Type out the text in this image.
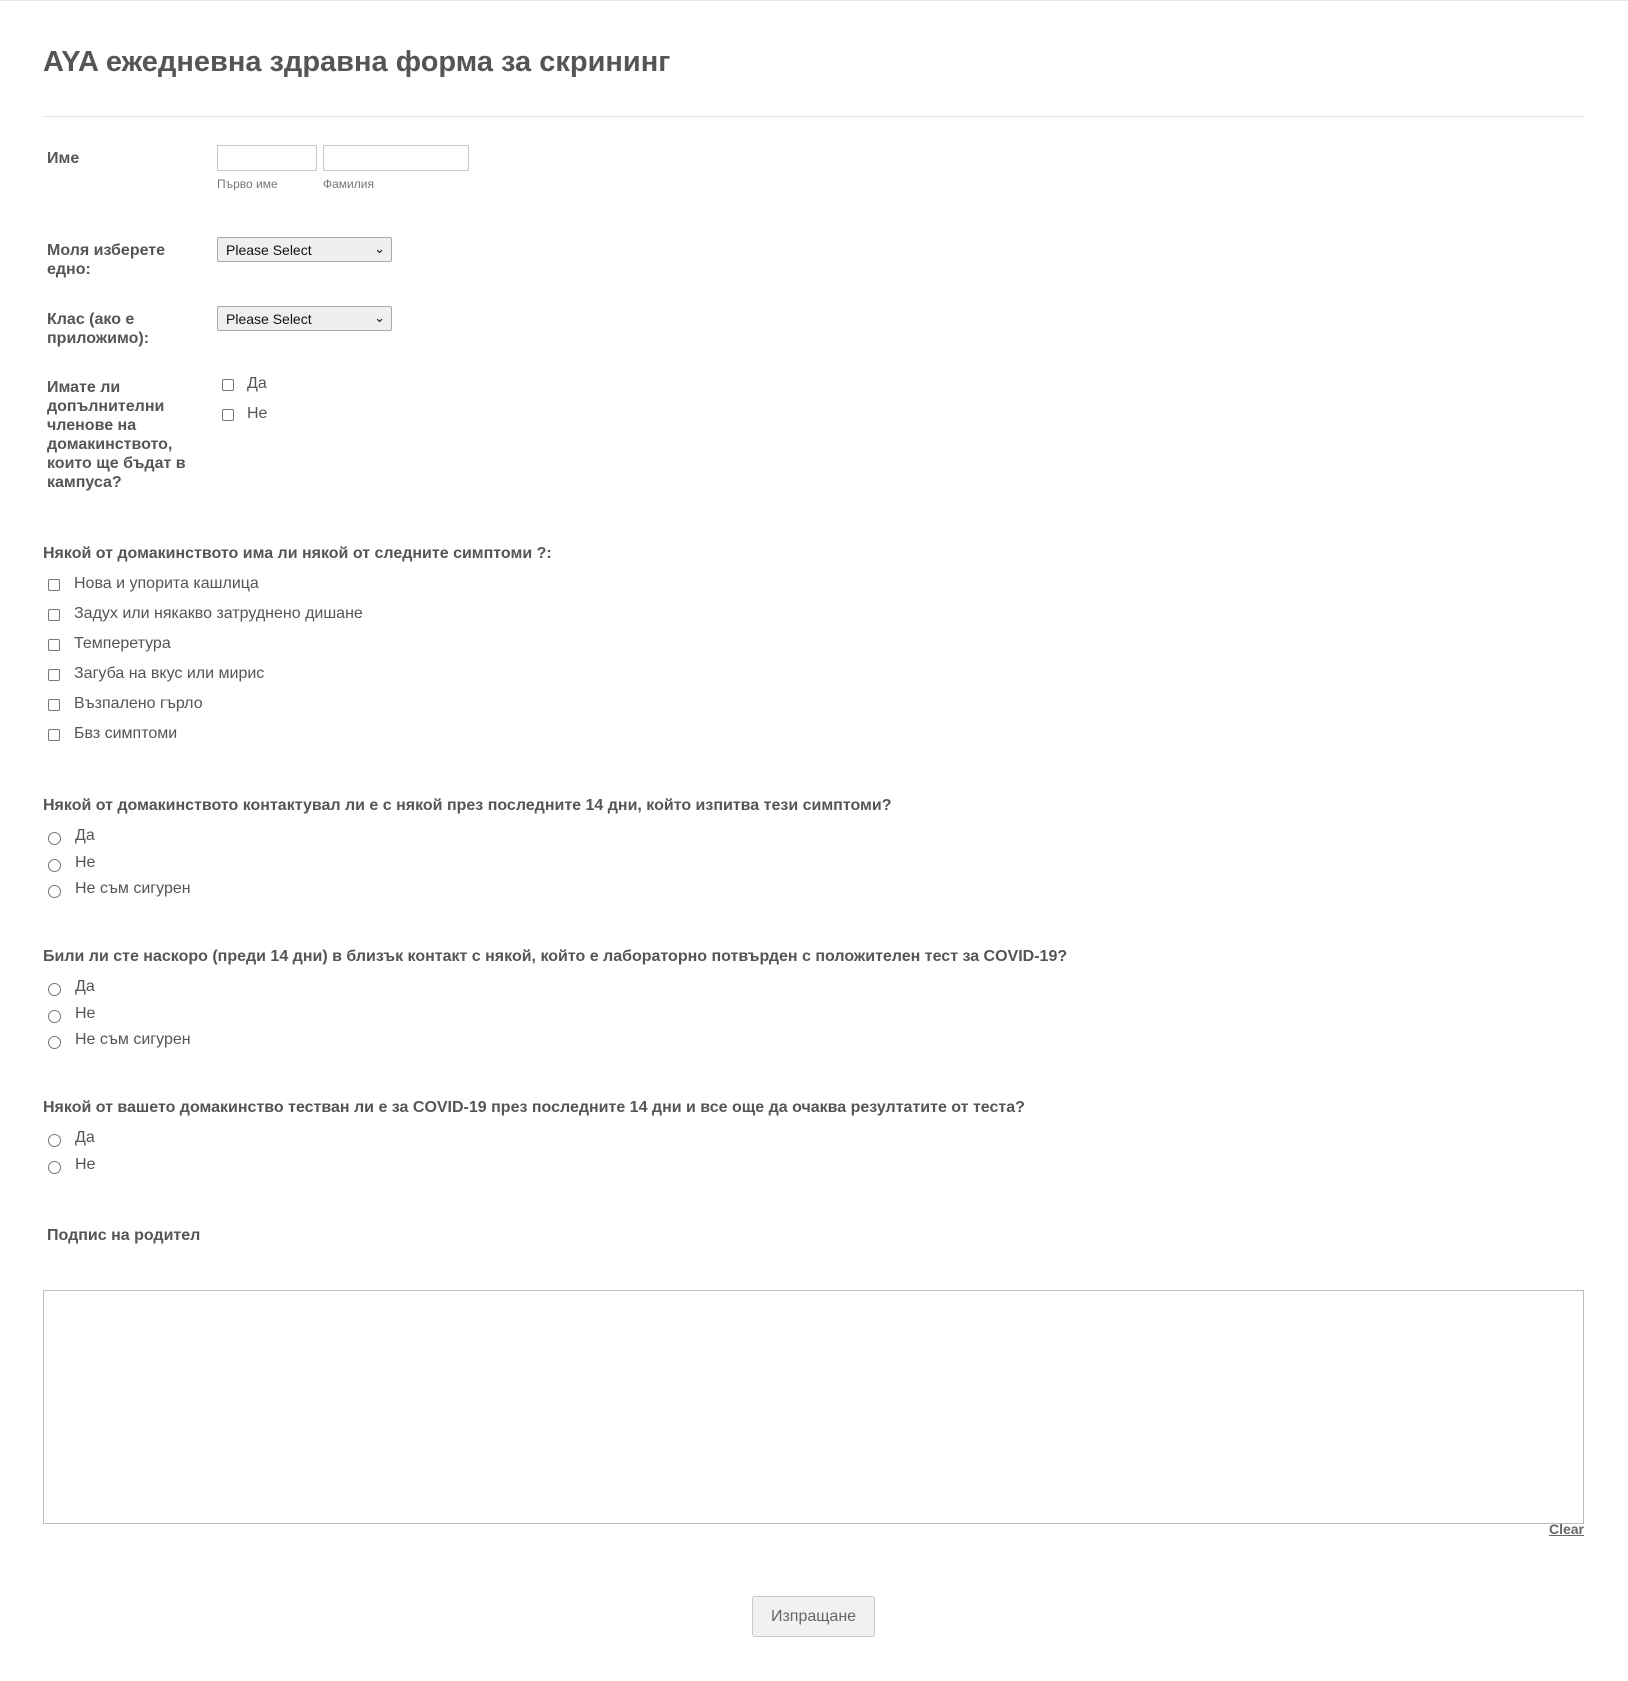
AYA ежедневна здравна форма за скрининг
Име
Първо име	Фамилия
Моля изберете едно:
Please Select	⌄
Клас (ако е приложимо):
Please Select	⌄
Имате ли допълнителни членове на домакинството, които ще бъдат в кампуса?
Да
Не
Някой от домакинството има ли някой от следните симптоми ?:
Нова и упорита кашлица
Задух или някакво затруднено дишане
Темперетура
Загуба на вкус или мирис
Възпалено гърло
Бвз симптоми
Някой от домакинството контактувал ли е с някой през последните 14 дни, който изпитва тези симптоми?
Да
Не
Не съм сигурен
Били ли сте наскоро (преди 14 дни) в близък контакт с някой, който е лабораторно потвърден с положителен тест за COVID-19?
Да
Не
Не съм сигурен
Някой от вашето домакинство тестван ли е за COVID-19 през последните 14 дни и все още да очаква резултатите от теста?
Да
Не
Подпис на родител
Clear
Изпращане
